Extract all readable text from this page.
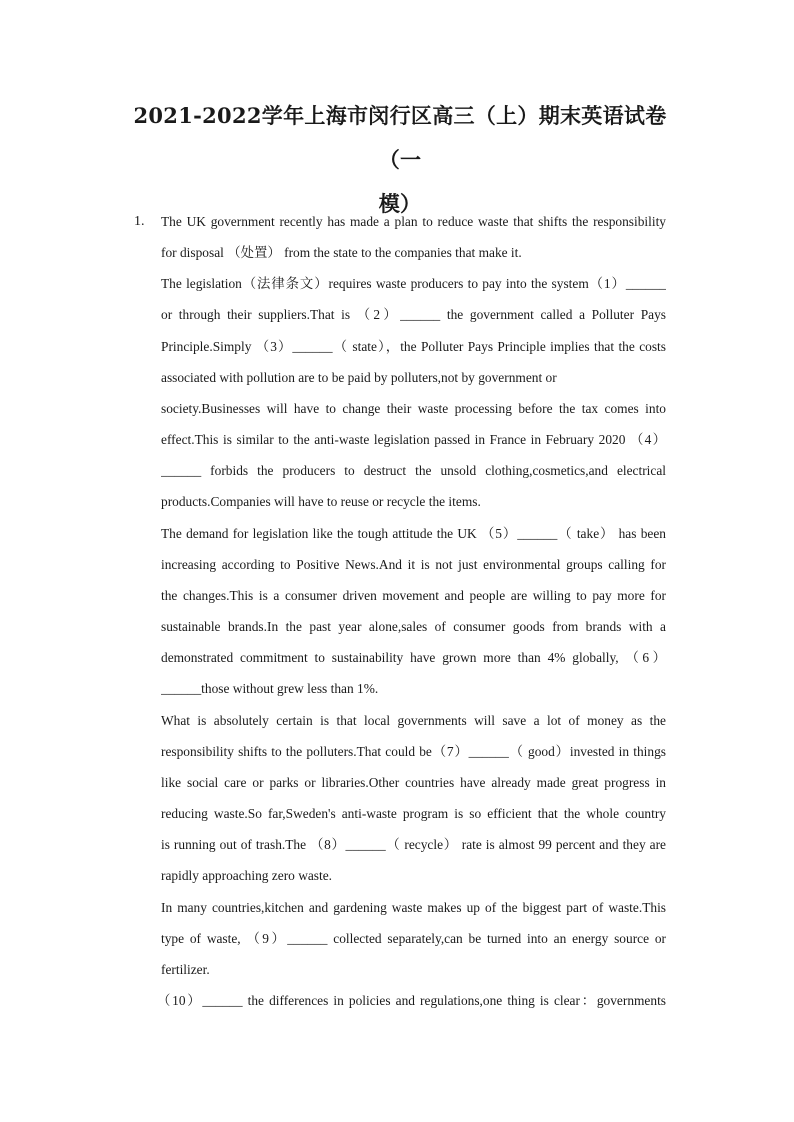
2021-2022学年上海市闵行区高三（上）期末英语试卷（一
模）
1. The UK government recently has made a plan to reduce waste that shifts the responsibility
for disposal （处置） from the state to the companies that make it.
The legislation（法律条文）requires waste producers to pay into the system（1）______
or through their suppliers.That is （2）______ the government called a Polluter Pays
Principle.Simply （3）______（ state），the Polluter Pays Principle implies that the costs
associated with pollution are to be paid by polluters,not by government or
society.Businesses will have to change their waste processing before the tax comes into
effect.This is similar to the anti-waste legislation passed in France in February 2020 （4）
______ forbids the producers to destruct the unsold clothing,cosmetics,and electrical
products.Companies will have to reuse or recycle the items.
The demand for legislation like the tough attitude the UK （5）______（ take） has been
increasing according to Positive News.And it is not just environmental groups calling for
the changes.This is a consumer driven movement and people are willing to pay more for
sustainable brands.In the past year alone,sales of consumer goods from brands with a
demonstrated commitment to sustainability have grown more than 4% globally, （6）
______those without grew less than 1%.
What is absolutely certain is that local governments will save a lot of money as the
responsibility shifts to the polluters.That could be（7）______（ good）invested in things
like social care or parks or libraries.Other countries have already made great progress in
reducing waste.So far,Sweden's anti-waste program is so efficient that the whole country
is running out of trash.The （8）______（ recycle） rate is almost 99 percent and they are
rapidly approaching zero waste.
In many countries,kitchen and gardening waste makes up of the biggest part of waste.This
type of waste, （9）______ collected separately,can be turned into an energy source or
fertilizer.
（10）______ the differences in policies and regulations,one thing is clear：governments
